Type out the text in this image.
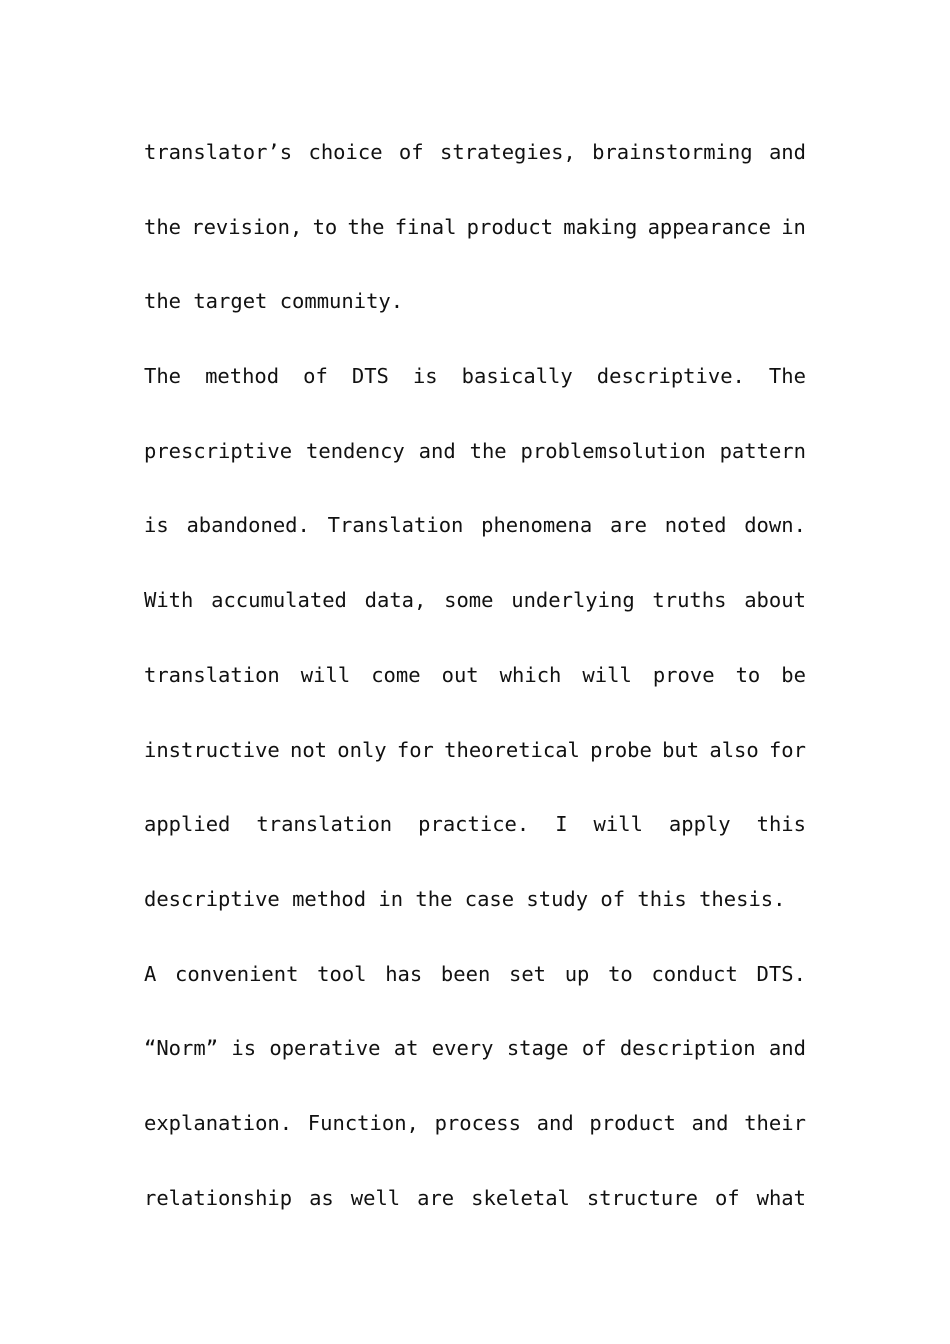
translator’s choice of strategies, brainstorming and
the revision, to the final product making appearance in
the target community.
The method of DTS is basically descriptive. The
prescriptive tendency and the problemsolution pattern
is abandoned. Translation phenomena are noted down.
With accumulated data, some underlying truths about
translation will come out which will prove to be
instructive not only for theoretical probe but also for
applied translation practice. I will apply this
descriptive method in the case study of this thesis.
A convenient tool has been set up to conduct DTS.
“Norm” is operative at every stage of description and
explanation. Function, process and product and their
relationship as well are skeletal structure of what
